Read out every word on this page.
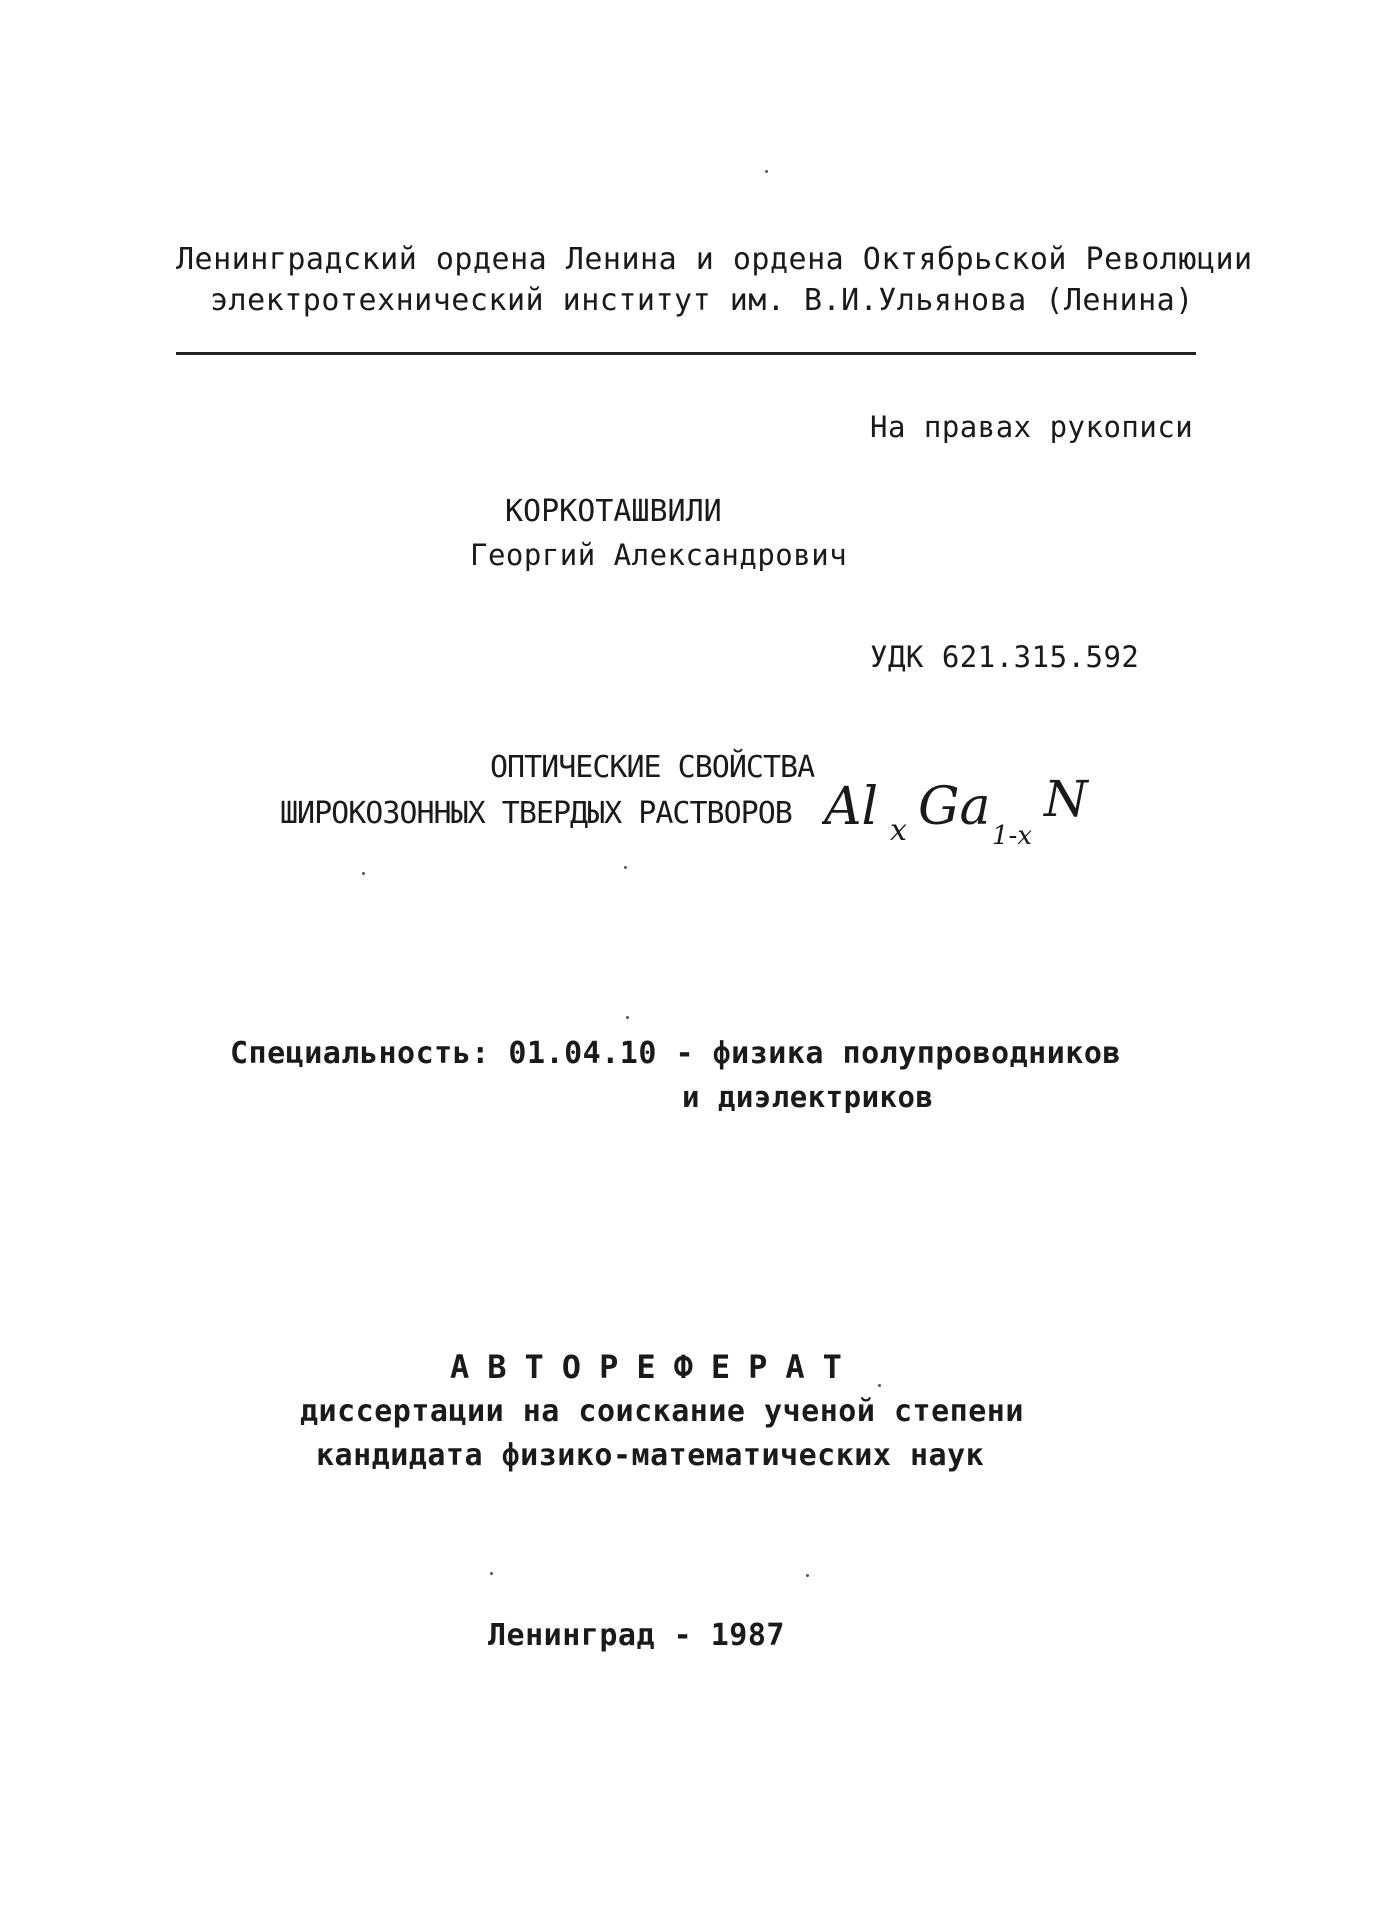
Ленинградский ордена Ленина и ордена Октябрьской Революции
электротехнический институт им. В.И.Ульянова (Ленина)
На правах рукописи
КОРКОТАШВИЛИ
Георгий Александрович
УДК 621.315.592
ОПТИЧЕСКИЕ СВОЙСТВА
ШИРОКОЗОННЫХ ТВЕРДЫХ РАСТВОРОВ Al x Ga 1-x
N
Специальность: 01.04.10 - физика полупроводников
и диэлектриков
АВТОРЕФЕРАТ
диссертации на соискание ученой степени
кандидата физико-математических наук
Ленинград - 1987
